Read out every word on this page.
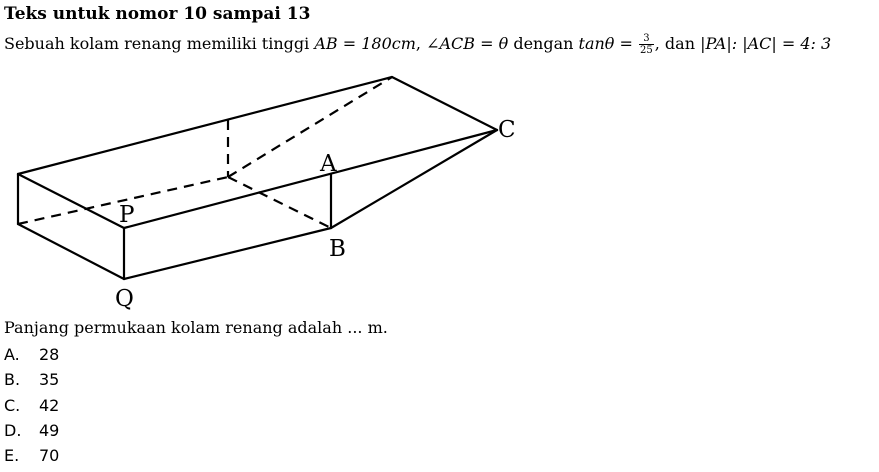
Teks untuk nomor 10 sampai 13
Sebuah kolam renang memiliki tinggi AB = 180cm, ∠ACB = θ dengan $\tan\theta = \frac{3}{25}$ , dan |PA|: |AC| = 4: 3
P
A
B
C
Q
Panjang permukaan kolam renang adalah ... m.
A. 28
B. 35
C. 42
D. 49
E. 70
